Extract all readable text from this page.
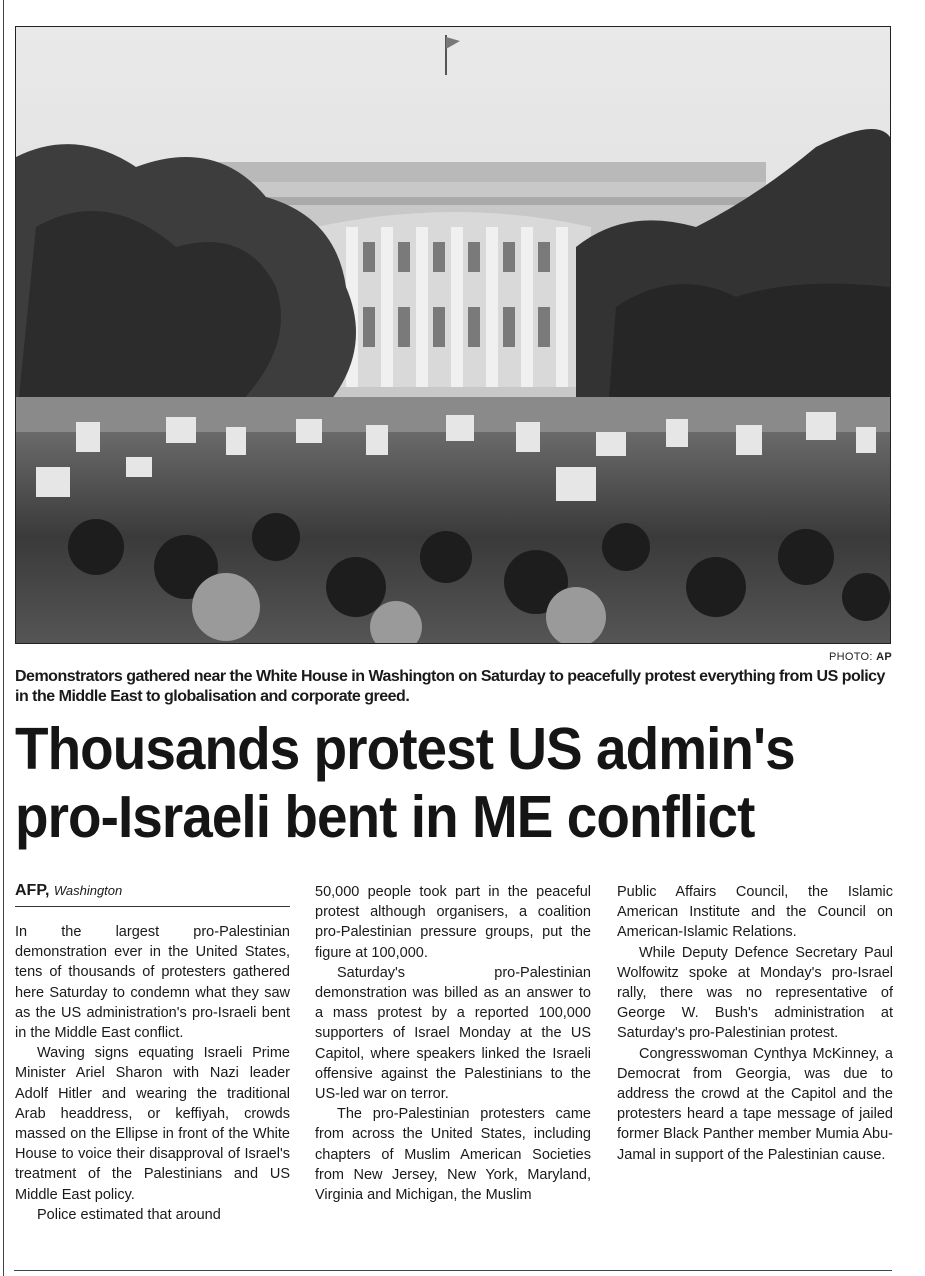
PHOTO: AP
Demonstrators gathered near the White House in Washington on Saturday to peacefully protest everything from US policy in the Middle East to globalisation and corporate greed.
Thousands protest US admin's
pro-Israeli bent in ME conflict
AFP, Washington

In the largest pro-Palestinian demonstration ever in the United States, tens of thousands of protesters gathered here Saturday to condemn what they saw as the US administration's pro-Israeli bent in the Middle East conflict.

Waving signs equating Israeli Prime Minister Ariel Sharon with Nazi leader Adolf Hitler and wearing the traditional Arab headdress, or keffiyah, crowds massed on the Ellipse in front of the White House to voice their disapproval of Israel's treatment of the Palestinians and US Middle East policy.

Police estimated that around

50,000 people took part in the peaceful protest although organisers, a coalition pro-Palestinian pressure groups, put the figure at 100,000.

Saturday's pro-Palestinian demonstration was billed as an answer to a mass protest by a reported 100,000 supporters of Israel Monday at the US Capitol, where speakers linked the Israeli offensive against the Palestinians to the US-led war on terror.

The pro-Palestinian protesters came from across the United States, including chapters of Muslim American Societies from New Jersey, New York, Maryland, Virginia and Michigan, the Muslim

Public Affairs Council, the Islamic American Institute and the Council on American-Islamic Relations.

While Deputy Defence Secretary Paul Wolfowitz spoke at Monday's pro-Israel rally, there was no representative of George W. Bush's administration at Saturday's pro-Palestinian protest.

Congresswoman Cynthya McKinney, a Democrat from Georgia, was due to address the crowd at the Capitol and the protesters heard a tape message of jailed former Black Panther member Mumia Abu-Jamal in support of the Palestinian cause.
